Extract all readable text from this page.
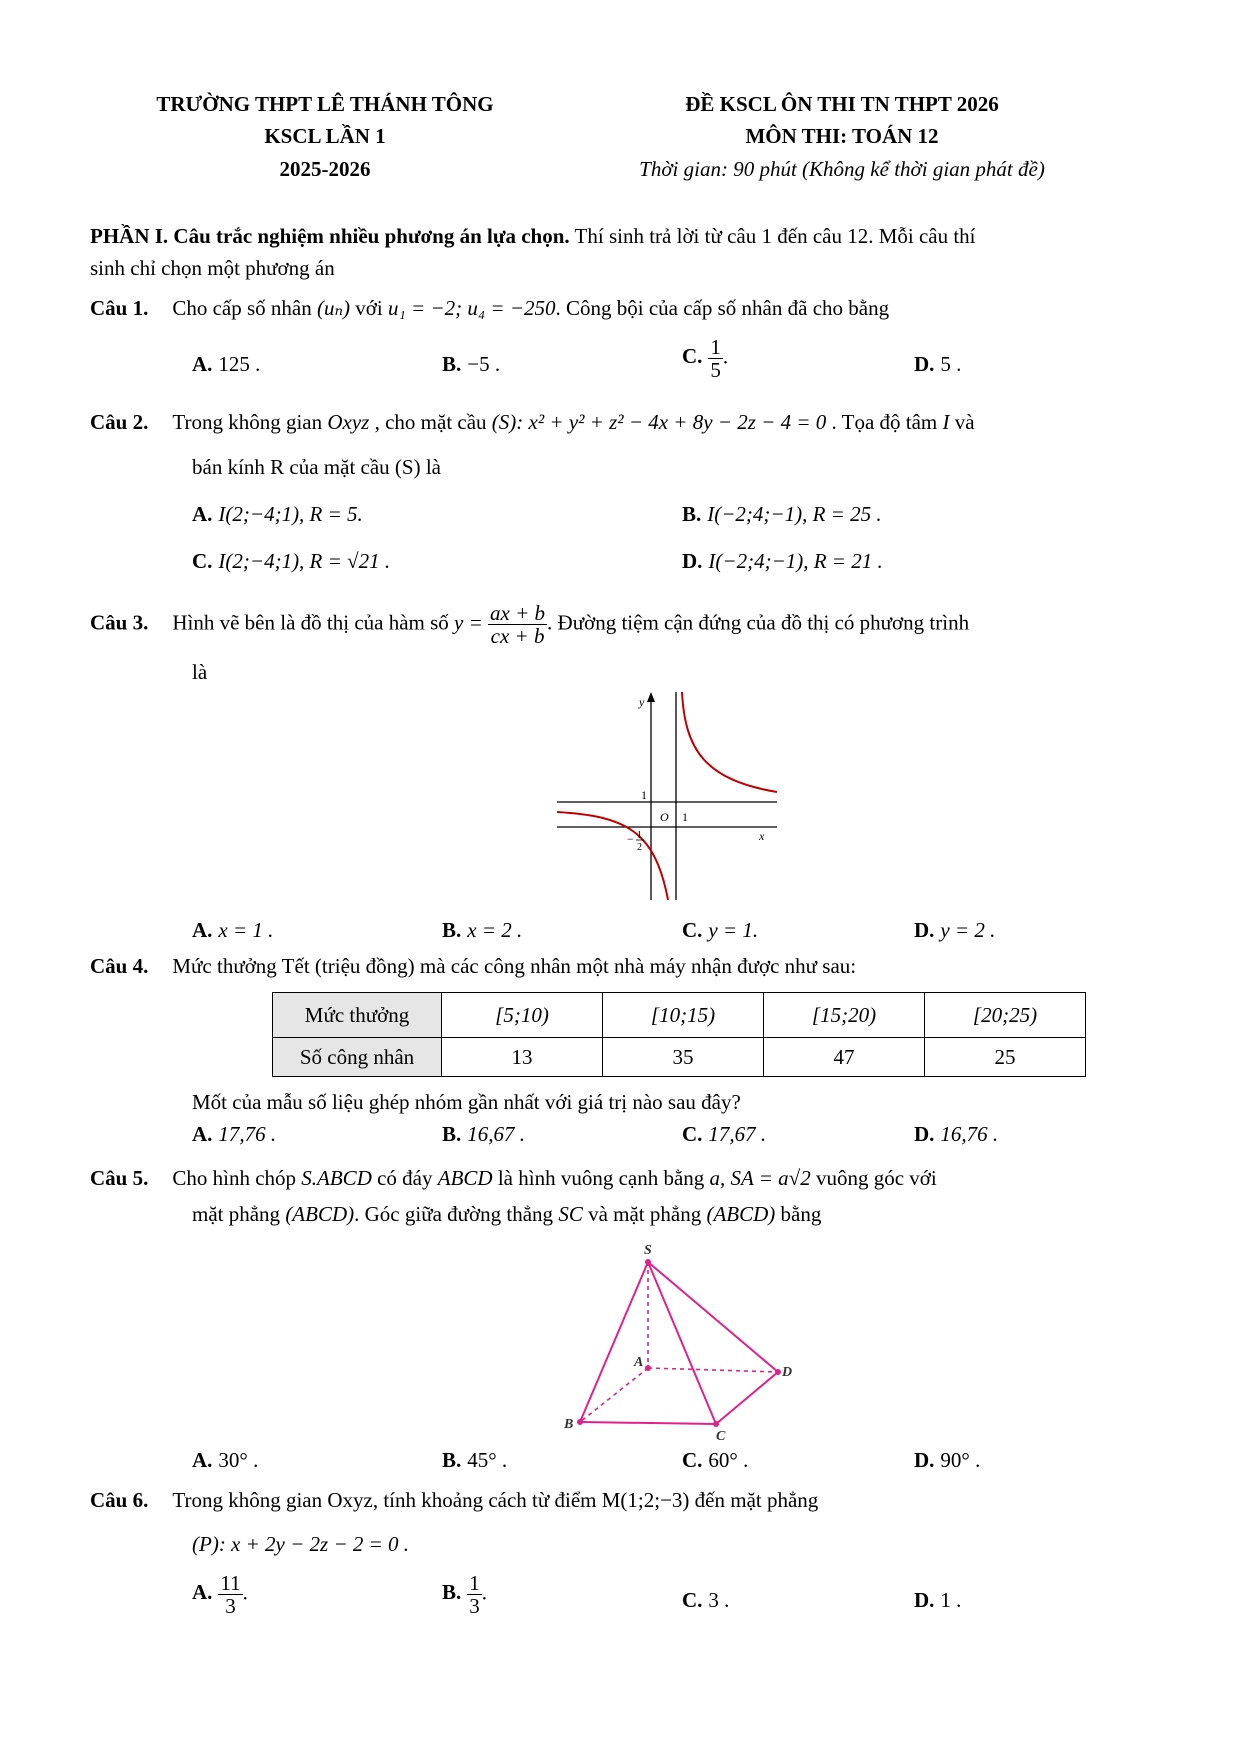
TRƯỜNG THPT LÊ THÁNH TÔNG
KSCL LẦN 1
2025-2026
ĐỀ KSCL ÔN THI TN THPT 2026
MÔN THI: TOÁN 12
Thời gian: 90 phút (Không kể thời gian phát đề)
PHẦN I. Câu trắc nghiệm nhiều phương án lựa chọn. Thí sinh trả lời từ câu 1 đến câu 12. Mỗi câu thí
sinh chỉ chọn một phương án
Câu 1. Cho cấp số nhân (uₙ) với u₁ = −2; u₄ = −250. Công bội của cấp số nhân đã cho bằng
A. 125 .	B. −5 .	C. $\frac{1}{5}$ .	D. 5 .
Câu 2. Trong không gian Oxyz , cho mặt cầu (S): x² + y² + z² − 4x + 8y − 2z − 4 = 0 . Tọa độ tâm I và
bán kính R của mặt cầu (S) là
A. I(2;−4;1), R = 5.	B. I(−2;4;−1), R = 25 .
C. I(2;−4;1), R = √21 .	D. I(−2;4;−1), R = 21 .
Câu 3. Hình vẽ bên là đồ thị của hàm số $y = \frac{ax + b}{cx + b}$ . Đường tiệm cận đứng của đồ thị có phương trình
là
y
x
O 1
1
− 1
2
A. x = 1 .	B. x = 2 .	C. y = 1.	D. y = 2 .
Câu 4. Mức thưởng Tết (triệu đồng) mà các công nhân một nhà máy nhận được như sau:
Mức thưởng	[5;10)	[10;15)	[15;20)	[20;25)
Số công nhân	13	35	47	25
Mốt của mẫu số liệu ghép nhóm gần nhất với giá trị nào sau đây?
A. 17,76 .	B. 16,67 .	C. 17,67 .	D. 16,76 .
Câu 5. Cho hình chóp S.ABCD có đáy ABCD là hình vuông cạnh bằng a, SA = a√2 vuông góc với
mặt phẳng (ABCD). Góc giữa đường thẳng SC và mặt phẳng (ABCD) bằng
S
A
B
C
D
A. 30° .	B. 45° .	C. 60° .	D. 90° .
Câu 6. Trong không gian Oxyz, tính khoảng cách từ điểm M(1;2;−3) đến mặt phẳng
(P): x + 2y − 2z − 2 = 0 .
A. $\frac{11}{3}$ .	B. $\frac{1}{3}$ .	C. 3 .	D. 1 .
